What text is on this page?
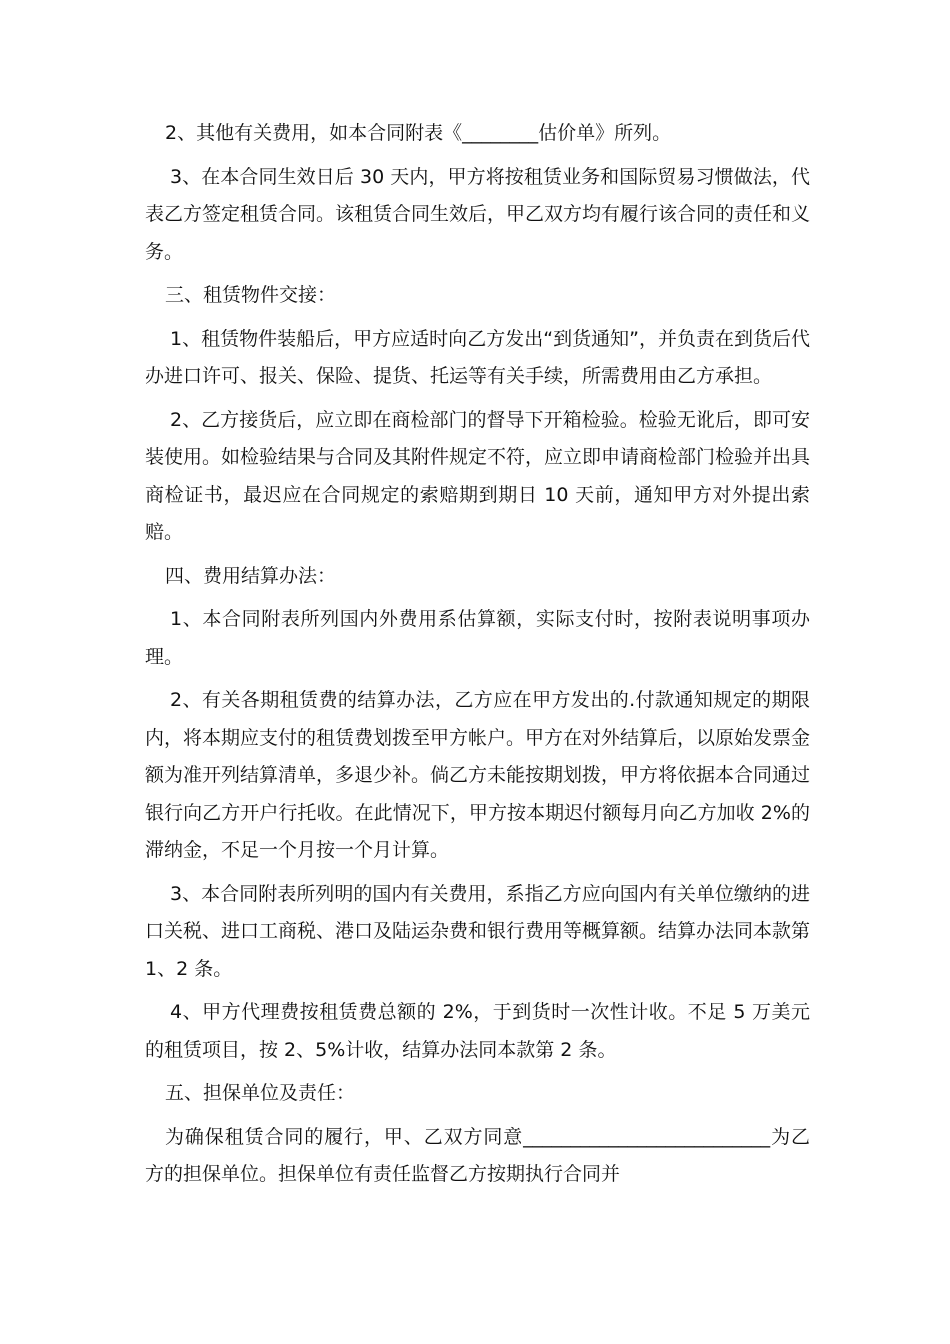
2、其他有关费用，如本合同附表《________估价单》所列。

3、在本合同生效日后 30 天内，甲方将按租赁业务和国际贸易习惯做法，代表乙方签定租赁合同。该租赁合同生效后，甲乙双方均有履行该合同的责任和义务。

三、租赁物件交接：

1、租赁物件装船后，甲方应适时向乙方发出“到货通知”，并负责在到货后代办进口许可、报关、保险、提货、托运等有关手续，所需费用由乙方承担。

2、乙方接货后，应立即在商检部门的督导下开箱检验。检验无讹后，即可安装使用。如检验结果与合同及其附件规定不符，应立即申请商检部门检验并出具商检证书，最迟应在合同规定的索赔期到期日 10 天前，通知甲方对外提出索赔。

四、费用结算办法：

1、本合同附表所列国内外费用系估算额，实际支付时，按附表说明事项办理。

2、有关各期租赁费的结算办法，乙方应在甲方发出的.付款通知规定的期限内，将本期应支付的租赁费划拨至甲方帐户。甲方在对外结算后，以原始发票金额为准开列结算清单，多退少补。倘乙方未能按期划拨，甲方将依据本合同通过银行向乙方开户行托收。在此情况下，甲方按本期迟付额每月向乙方加收 2%的滞纳金，不足一个月按一个月计算。

3、本合同附表所列明的国内有关费用，系指乙方应向国内有关单位缴纳的进口关税、进口工商税、港口及陆运杂费和银行费用等概算额。结算办法同本款第 1、2 条。

4、甲方代理费按租赁费总额的 2%，于到货时一次性计收。不足 5 万美元的租赁项目，按 2、5%计收，结算办法同本款第 2 条。

五、担保单位及责任：

为确保租赁合同的履行，甲、乙双方同意__________________________为乙方的担保单位。担保单位有责任监督乙方按期执行合同并
